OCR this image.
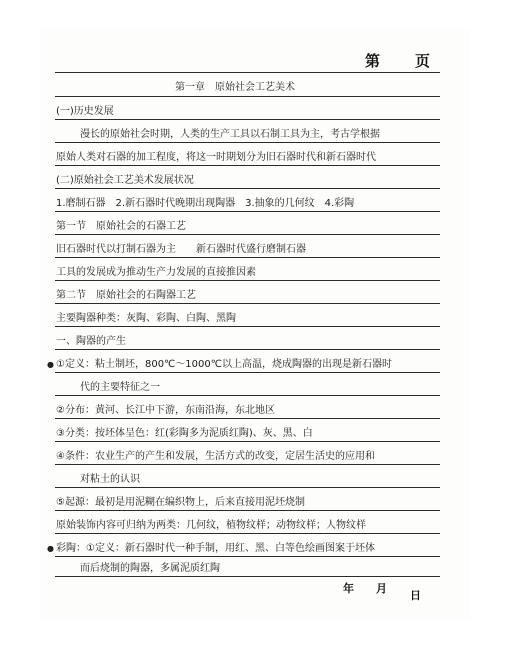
第 页
第一章　原始社会工艺美术
(一)历史发展
漫长的原始社会时期，人类的生产工具以石制工具为主，考古学根据
原始人类对石器的加工程度，将这一时期划分为旧石器时代和新石器时代
(二)原始社会工艺美术发展状况
1.磨制石器　2.新石器时代晚期出现陶器　3.抽象的几何纹　4.彩陶
第一节　原始社会的石器工艺
旧石器时代以打制石器为主　　新石器时代盛行磨制石器
工具的发展成为推动生产力发展的直接推因素
第二节　原始社会的石陶器工艺
主要陶器种类：灰陶、彩陶、白陶、黑陶
一、陶器的产生
● ①定义：粘土制坯，800℃～1000℃以上高温，烧成陶器的出现是新石器时
代的主要特征之一
②分布：黄河、长江中下游，东南沿海，东北地区
③分类：按坯体呈色：红(彩陶多为泥质红陶)、灰、黑、白
④条件：农业生产的产生和发展，生活方式的改变，定居生活史的应用和
对粘土的认识
⑤起源：最初是用泥糊在编织物上，后来直接用泥坯烧制
原始装饰内容可归纳为两类：几何纹，植物纹样；动物纹样；人物纹样
● 彩陶：①定义：新石器时代一种手制，用红、黑、白等色绘画图案于坯体
而后烧制的陶器，多属泥质红陶
年 月
日
